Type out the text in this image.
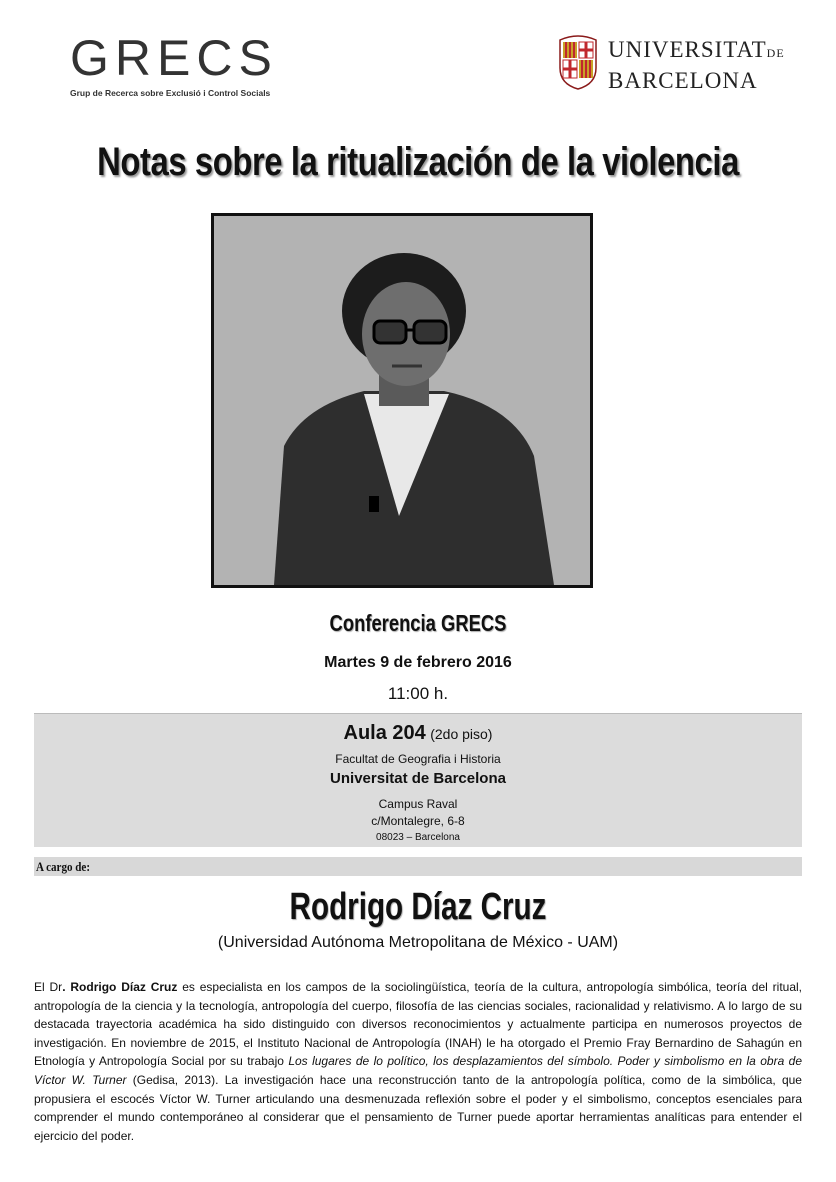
GRECS
Grup de Recerca sobre Exclusió i Control Socials
UNIVERSITATDE
BARCELONA
Notas sobre la ritualización de la violencia
Conferencia GRECS
Martes 9 de febrero 2016
11:00 h.
Aula 204 (2do piso)
Facultat de Geografia i Historia
Universitat de Barcelona
Campus Raval
c/Montalegre, 6-8
08023 – Barcelona
A cargo de:
Rodrigo Díaz Cruz
(Universidad Autónoma Metropolitana de México - UAM)
El Dr. Rodrigo Díaz Cruz es especialista en los campos de la sociolingüística, teoría de la cultura, antropología simbólica, teoría del ritual, antropología de la ciencia y la tecnología, antropología del cuerpo, filosofía de las ciencias sociales, racionalidad y relativismo. A lo largo de su destacada trayectoria académica ha sido distinguido con diversos reconocimientos y actualmente participa en numerosos proyectos de investigación. En noviembre de 2015, el Instituto Nacional de Antropología (INAH) le ha otorgado el Premio Fray Bernardino de Sahagún en Etnología y Antropología Social por su trabajo Los lugares de lo político, los desplazamientos del símbolo. Poder y simbolismo en la obra de Víctor W. Turner (Gedisa, 2013). La investigación hace una reconstrucción tanto de la antropología política, como de la simbólica, que propusiera el escocés Víctor W. Turner articulando una desmenuzada reflexión sobre el poder y el simbolismo, conceptos esenciales para comprender el mundo contemporáneo al considerar que el pensamiento de Turner puede aportar herramientas analíticas para entender el ejercicio del poder.
